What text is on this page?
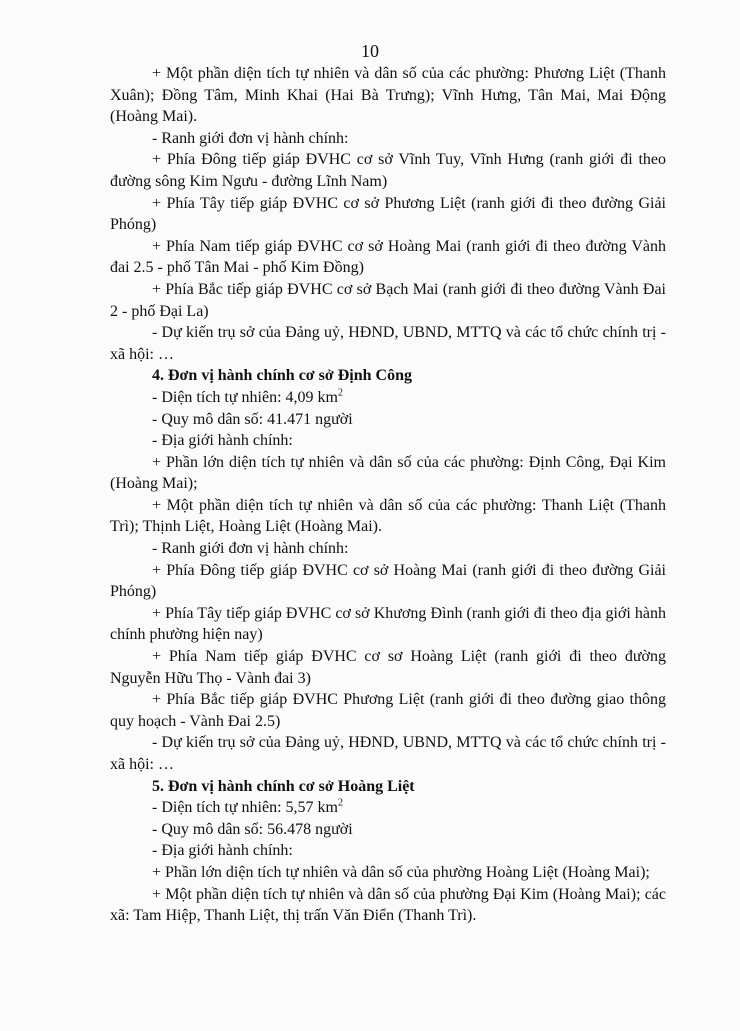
10

+ Một phần diện tích tự nhiên và dân số của các phường: Phương Liệt (Thanh Xuân); Đồng Tâm, Minh Khai (Hai Bà Trưng); Vĩnh Hưng, Tân Mai, Mai Động (Hoàng Mai).

- Ranh giới đơn vị hành chính:

+ Phía Đông tiếp giáp ĐVHC cơ sở Vĩnh Tuy, Vĩnh Hưng (ranh giới đi theo đường sông Kim Ngưu - đường Lĩnh Nam)

+ Phía Tây tiếp giáp ĐVHC cơ sở Phương Liệt (ranh giới đi theo đường Giải Phóng)

+ Phía Nam tiếp giáp ĐVHC cơ sở Hoàng Mai (ranh giới đi theo đường Vành đai 2.5 - phố Tân Mai - phố Kim Đồng)

+ Phía Bắc tiếp giáp ĐVHC cơ sở Bạch Mai (ranh giới đi theo đường Vành Đai 2 - phố Đại La)

- Dự kiến trụ sở của Đảng uỷ, HĐND, UBND, MTTQ và các tổ chức chính trị - xã hội: …

4. Đơn vị hành chính cơ sở Định Công

- Diện tích tự nhiên: 4,09 $km^2$

- Quy mô dân số: 41.471 người

- Địa giới hành chính:

+ Phần lớn diện tích tự nhiên và dân số của các phường: Định Công, Đại Kim (Hoàng Mai);

+ Một phần diện tích tự nhiên và dân số của các phường: Thanh Liệt (Thanh Trì); Thịnh Liệt, Hoàng Liệt (Hoàng Mai).

- Ranh giới đơn vị hành chính:

+ Phía Đông tiếp giáp ĐVHC cơ sở Hoàng Mai (ranh giới đi theo đường Giải Phóng)

+ Phía Tây tiếp giáp ĐVHC cơ sở Khương Đình (ranh giới đi theo địa giới hành chính phường hiện nay)

+ Phía Nam tiếp giáp ĐVHC cơ sơ Hoàng Liệt (ranh giới đi theo đường Nguyễn Hữu Thọ - Vành đai 3)

+ Phía Bắc tiếp giáp ĐVHC Phương Liệt (ranh giới đi theo đường giao thông quy hoạch - Vành Đai 2.5)

- Dự kiến trụ sở của Đảng uỷ, HĐND, UBND, MTTQ và các tổ chức chính trị - xã hội: …

5. Đơn vị hành chính cơ sở Hoàng Liệt

- Diện tích tự nhiên: 5,57 $km^2$

- Quy mô dân số: 56.478 người

- Địa giới hành chính:

+ Phần lớn diện tích tự nhiên và dân số của phường Hoàng Liệt (Hoàng Mai);

+ Một phần diện tích tự nhiên và dân số của phường Đại Kim (Hoàng Mai); các xã: Tam Hiệp, Thanh Liệt, thị trấn Văn Điển (Thanh Trì).
